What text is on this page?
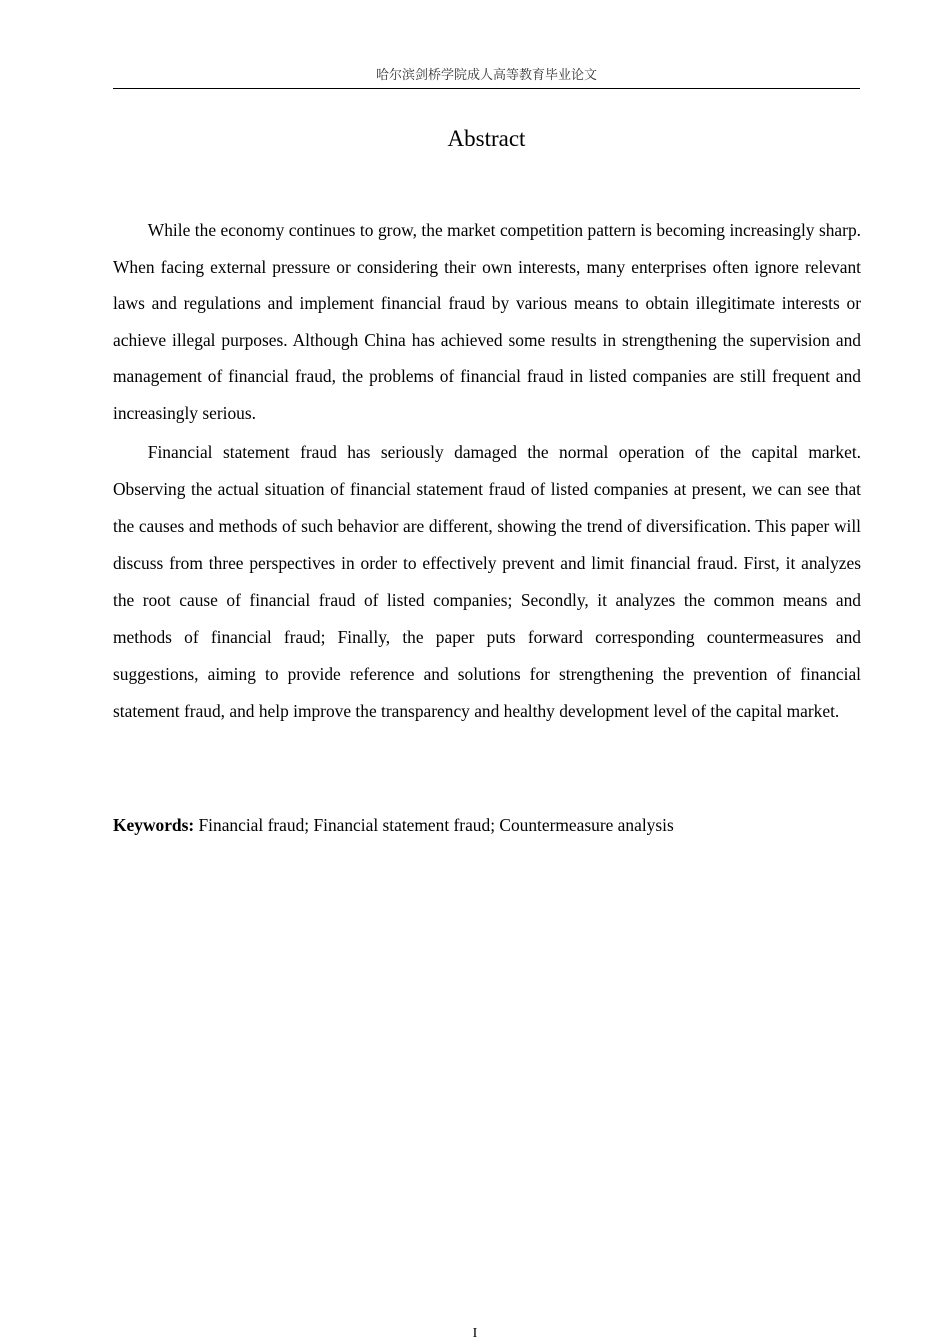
哈尔滨剑桥学院成人高等教育毕业论文
Abstract

While the economy continues to grow, the market competition pattern is becoming increasingly sharp. When facing external pressure or considering their own interests, many enterprises often ignore relevant laws and regulations and implement financial fraud by various means to obtain illegitimate interests or achieve illegal purposes. Although China has achieved some results in strengthening the supervision and management of financial fraud, the problems of financial fraud in listed companies are still frequent and increasingly serious.

Financial statement fraud has seriously damaged the normal operation of the capital market. Observing the actual situation of financial statement fraud of listed companies at present, we can see that the causes and methods of such behavior are different, showing the trend of diversification. This paper will discuss from three perspectives in order to effectively prevent and limit financial fraud. First, it analyzes the root cause of financial fraud of listed companies; Secondly, it analyzes the common means and methods of financial fraud; Finally, the paper puts forward corresponding countermeasures and suggestions, aiming to provide reference and solutions for strengthening the prevention of financial statement fraud, and help improve the transparency and healthy development level of the capital market.

Keywords: Financial fraud; Financial statement fraud; Countermeasure analysis
I
